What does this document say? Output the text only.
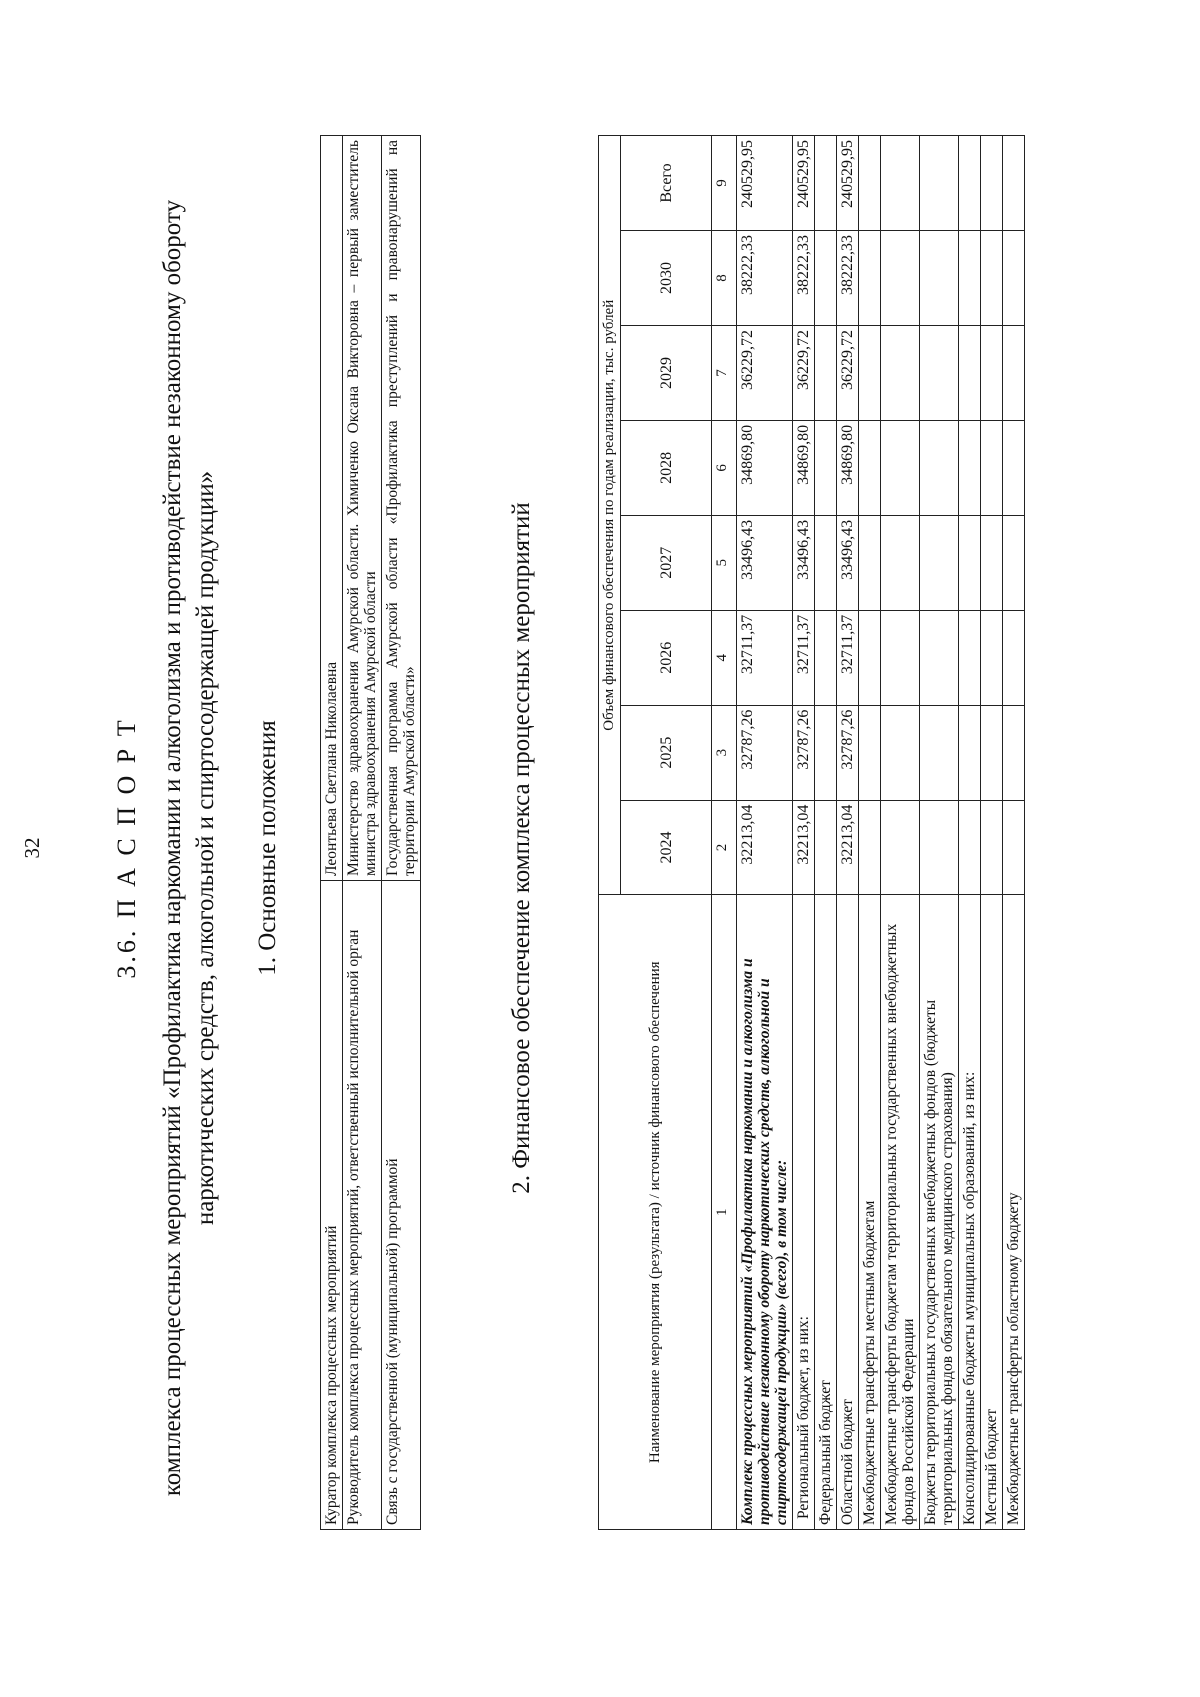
32	3.6. П А С П О Р Т комплекса процессных мероприятий «Профилактика наркомании и алкоголизма и противодействие незаконному обороту наркотических средств, алкогольной и спиртосодержащей продукции» 1. Основные положения
Куратор комплекса процессных мероприятий	Леонтьева Светлана Николаевна
Руководитель комплекса процессных мероприятий, ответственный исполнительной орган	Министерство здравоохранения Амурской области. Химиченко Оксана Викторовна – первый заместитель министра здравоохранения Амурской области
Связь с государственной (муниципальной) программой	Государственная программа Амурской области «Профилактика преступлений и правонарушений на территории Амурской области»	2. Финансовое обеспечение комплекса процессных мероприятий
Наименование мероприятия (результата) / источник финансового обеспечения	Объем финансового обеспечения по годам реализации, тыс. рублей							
	2024	2025	2026	2027	2028	2029	2030	Всего
1	2	3	4	5	6	7	8	9
Комплекс процессных мероприятий «Профилактика наркомании и алкоголизма и противодействие незаконному обороту наркотических средств, алкогольной и спиртосодержащей продукции» (всего), в том числе:	32213,04	32787,26	32711,37	33496,43	34869,80	36229,72	38222,33	240529,95
Региональный бюджет, из них:	32213,04	32787,26	32711,37	33496,43	34869,80	36229,72	38222,33	240529,95
Федеральный бюджет								
Областной бюджет	32213,04	32787,26	32711,37	33496,43	34869,80	36229,72	38222,33	240529,95
Межбюджетные трансферты местным бюджетам								
Межбюджетные трансферты бюджетам территориальных государственных внебюджетных фондов Российской Федерации								
Бюджеты территориальных государственных внебюджетных фондов (бюджеты территориальных фондов обязательного медицинского страхования)								
Консолидированные бюджеты муниципальных образований, из них:								
Местный бюджет								
Межбюджетные трансферты областному бюджету								
